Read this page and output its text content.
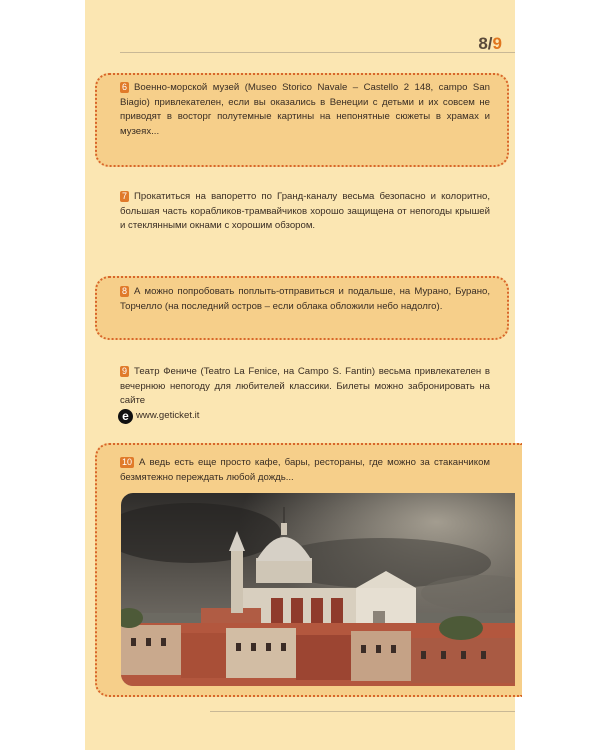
8/9
6 Военно-морской музей (Museo Storico Navale – Castello 2 148, campo San Biagio) привлекателен, если вы оказались в Венеции с детьми и их совсем не приводят в восторг полутемные картины на непонятные сюжеты в храмах и музеях...
7 Прокатиться на вапоретто по Гранд-каналу весьма безопасно и колоритно, большая часть корабликов-трамвайчиков хорошо защищена от непогоды крышей и стеклянными окнами с хорошим обзором.
8 А можно попробовать поплыть-отправиться и подальше, на Мурано, Бурано, Торчелло (на последний остров – если облака обложили небо надолго).
9 Театр Фениче (Teatro La Fenice, на Campo S. Fantin) весьма привлекателен в вечернюю непогоду для любителей классики. Билеты можно забронировать на сайте
e www.geticket.it
10 А ведь есть еще просто кафе, бары, рестораны, где можно за стаканчиком безмятежно переждать любой дождь...
